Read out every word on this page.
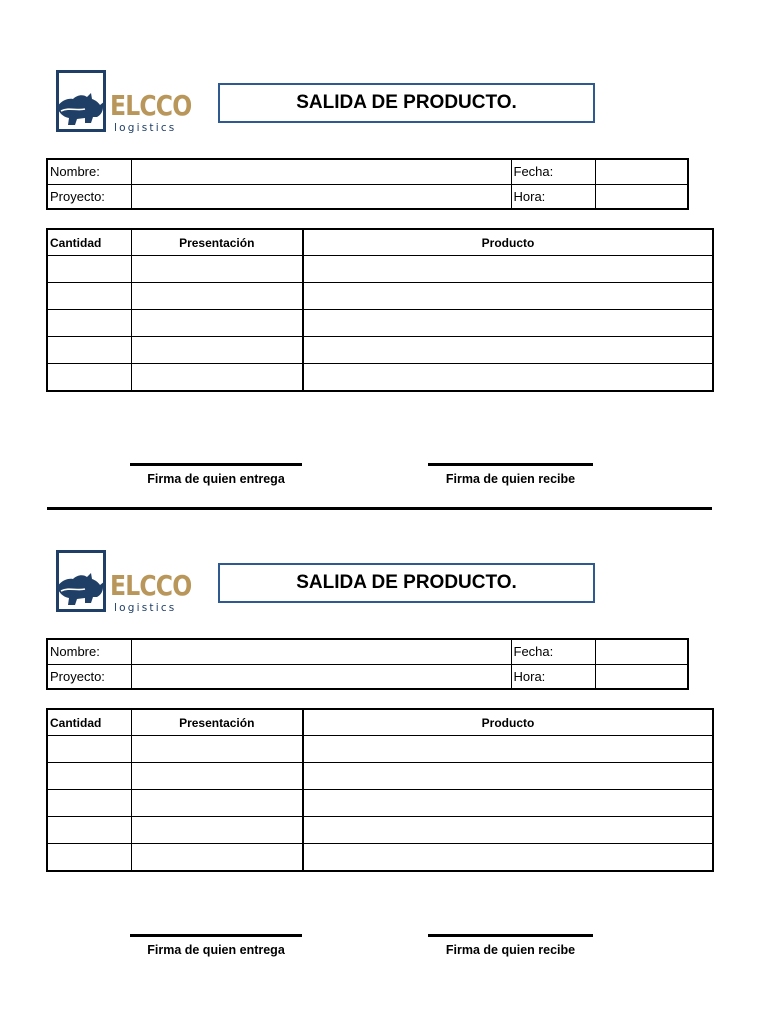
ELCCO
logistics
SALIDA DE PRODUCTO.
Nombre:		Fecha:	
Proyecto:		Hora:	
Cantidad	Presentación	Producto

Firma de quien entrega	Firma de quien recibe
ELCCO
logistics
SALIDA DE PRODUCTO.
Nombre:		Fecha:	
Proyecto:		Hora:	
Cantidad	Presentación	Producto

Firma de quien entrega	Firma de quien recibe
